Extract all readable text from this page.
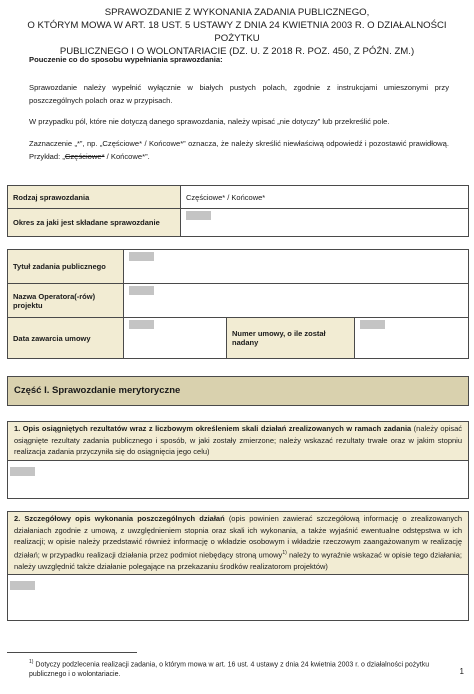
SPRAWOZDANIE Z WYKONANIA ZADANIA PUBLICZNEGO,
O KTÓRYM MOWA W ART. 18 UST. 5 USTAWY Z DNIA 24 KWIETNIA 2003 R. O DZIAŁALNOŚCI POŻYTKU
PUBLICZNEGO I O WOLONTARIACIE (DZ. U. Z 2018 R. POZ. 450, Z PÓŹN. ZM.)
Pouczenie co do sposobu wypełniania sprawozdania:
Sprawozdanie należy wypełnić wyłącznie w białych pustych polach, zgodnie z instrukcjami umieszonymi przy poszczególnych polach oraz w przypisach.
W przypadku pól, które nie dotyczą danego sprawozdania, należy wpisać „nie dotyczy” lub przekreślić pole.
Zaznaczenie „*”, np. „Częściowe* / Końcowe*” oznacza, że należy skreślić niewłaściwą odpowiedź i pozostawić prawidłową. Przykład: „Częściowe* / Końcowe*”.
Rodzaj sprawozdania	Częściowe* / Końcowe*
Okres za jaki jest składane sprawozdanie	
Tytuł zadania publicznego			
Nazwa Operatora(-rów) projektu			
Data zawarcia umowy		Numer umowy, o ile został nadany	
Część I. Sprawozdanie merytoryczne
1. Opis osiągniętych rezultatów wraz z liczbowym określeniem skali działań zrealizowanych w ramach zadania (należy opisać osiągnięte rezultaty zadania publicznego i sposób, w jaki zostały zmierzone; należy wskazać rezultaty trwałe oraz w jakim stopniu realizacja zadania przyczyniła się do osiągnięcia jego celu)
2. Szczegółowy opis wykonania poszczególnych działań (opis powinien zawierać szczegółową informację o zrealizowanych działaniach zgodnie z umową, z uwzględnieniem stopnia oraz skali ich wykonania, a także wyjaśnić ewentualne odstępstwa w ich realizacji; w opisie należy przedstawić również informację o wkładzie osobowym i wkładzie rzeczowym zaangażowanym w realizację działań; w przypadku realizacji działania przez podmiot niebędący stroną umowy$^{1)}$ należy to wyraźnie wskazać w opisie tego działania; należy uwzględnić także działanie polegające na przekazaniu środków realizatorom projektów)
1
$^{1)}$ Dotyczy podzlecenia realizacji zadania, o którym mowa w art. 16 ust. 4 ustawy z dnia 24 kwietnia 2003 r. o działalności pożytku publicznego i o wolontariacie.
